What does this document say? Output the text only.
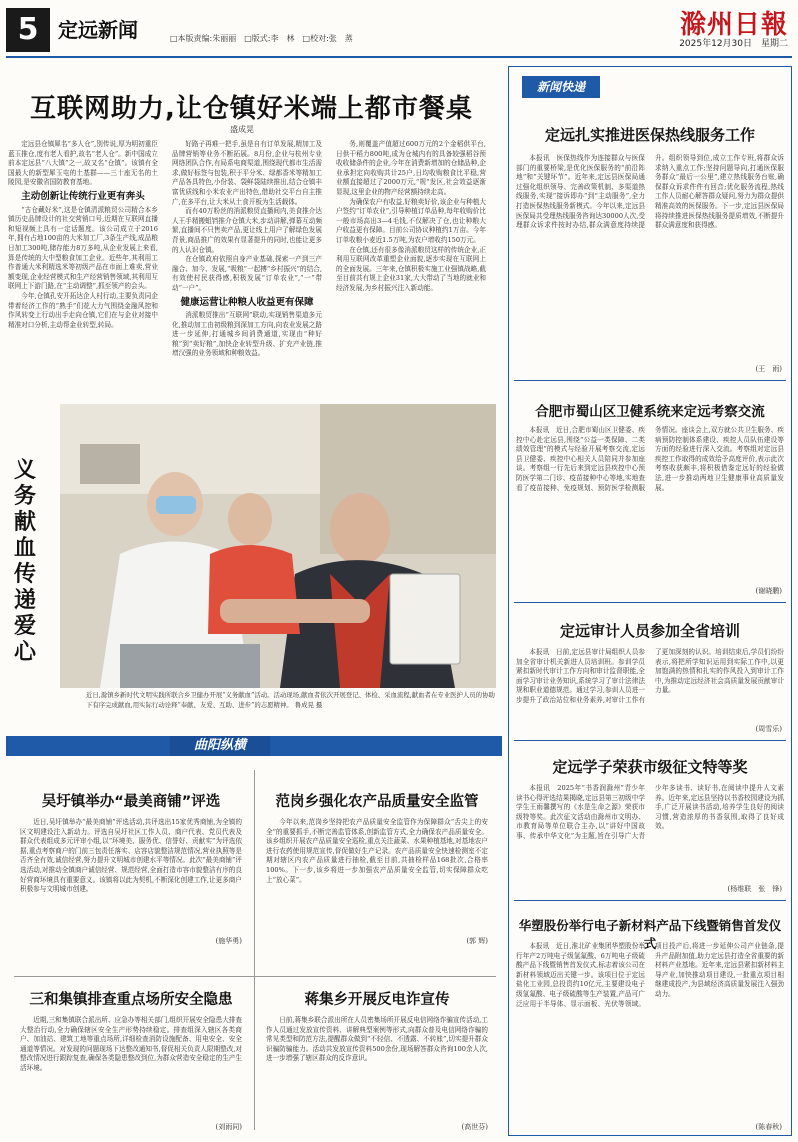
5 定远新闻	□本版责编:朱丽丽　□版式:李　林　□校对:张　蒸	滁州日報
2025年12月30日　星期二
互联网助力,让仓镇好米端上都市餐桌
盛成晃

定远县仓镇犀名“多人仓”,别传说,厚为明初重臣蓝玉推仓,度有老人看护,故名“老人仓”。新中国成立前本定远县“八大镇”之一,故又名“仓镇”。该镇有全国最大的新型犀玉屯的土基群——三十座无名的土陵园,是安徽省国防教育基地。

主动创新让传统行业更有奔头

“古仓藏好米”,这是仓镇清派粮贸公司精合本乡镇历史品牌设计的社交营销口号,近期在互联网直播和短视频上具有一定话题度。该公司成立于2016年,拥有占地100亩的大米加工厂,3条生产线,成品粮日加工300吨,储存能力8万多吨,从企业发展上来看,算是传统的大中型粮食加工企业。近些年,其利用工作普通大米利精选米等初级产品在市面上难卖,营业额变现,企业经营模式和生产经营销售领域,其利用互联网上下游门路,在“主动调整”,抓至领产的会头。

今年,仓镇孔安开拓达企人村行动,主要负责同企带着经济工作的“熟手”们花大力气围绕金融风控和作风转变上行动出手走向仓镇,它们在与企业对接中精准对口分析,主动帮金业转型,转局。

好路子再难一把手,虽是自有订单发展,精加工及品牌营销等业务不断拓展。8月份,企业与杭州专业网络团队合作,有局系电商渠道,围绕现代都市生活需求,做好标签与包装,积于平分米、绿都香米等精加工产品各具特色,小份装、袋鲜袋陆续推出,结合仓镇丰富优质线和小米农业产出特色,借助社交平台自主推广,在多平台,让大米从土食开板为生活载体。

而有40万粉丝的消派粮贸直播间内,美食推介达人王手精搬蛆铛推介仓镇大米,步动讲解,弹幕互动频繁,直播间不只售卖产品,更让线上用户了解绿色发展背景,商品推广的效果有显著提升的同时,也能让更多的人认识仓镇。

在仓镇政府依照自身产业基础,探索一产到三产融合、加今、发展,“吸粮”一起搏“乡村振兴”的结合,有效使村民获得感,积极发展“订单农业”,“一”带动“一户”。

健康运营让种粮人收益更有保障

消派粮贸推出“互联网”联动,实现销售渠道多元化,推动加工由初级粮到深加工方向,向农业发展之路进一步延伸,打通城乡间消费通道,实现由“种好粮”到“卖好粮”,加快企业转型升级、扩充产业链,推增汉强的业务领域和种粮效益。

务,则覆盖产值超过600万元的2个金稻供平台,日供干稻力800吨,成为仓城内有的具备较强稻谷预收收储条件的企业,今年在消费新增加的仓储品种,企业承担定向收购共计25户,日均收购粮食比平稳,营业额直接超过了2000万元,“规”发区,社会效益逐渐显现,这里企业的物产经营额持续走高。

为确保农户有收益,好粮卖好价,该企业与种植大户签约“订单农业”,引导种植订单品种,每年收购价比一般市场高出3—4毛钱,不仅解决了仓,也让种粮大户收益更有保障。目前公司协议种植约1万亩。今年订单收粮小麦近1.5万吨,为农户增收约150万元。

在仓镇,还有很多像消派粮贸这样的传统企业,正利用互联网改革重塑企业面貌,逐步实现在互联网上的全面发展。三年来,仓镇积极实施工业强镇战略,截至目前共有规上企业31家,大大带动了当地的就业和经济发展,为乡村振兴注入新动能。

义务献血　传递爱心
近日,滁镇乡新时代文明实践所联合乡卫健办开展“义务献血”活动。活动现场,献血者依次开展登记、体检、采血流程,献血者在专业医护人员的协助下有序完成献血,用实际行动诠释“奉献、友爱、互助、进步”的志愿精神。 鲁成晃 摄
曲阳纵横
吴圩镇举办“最美商铺”评选

近日,吴圩镇举办“最美商铺”评选活动,共评选出15家优秀商铺,为全镇的区文明建设注入新动力。评选自吴圩社区工作人员、商户代表、党员代表及群众代表组成多元评审小组,以“环境美、服务优、信誉好、贡献实”为评选依据,重点考察商户的门前三包责任落实、店容店貌整洁规范情况,营业执照等是否齐全有效,诚信经营,努力提升文明城市创建水平等情况。此次“最美商铺”评选活动,对推动全镇商户诚信经营、规范经营,全面打造市容市貌整洁有序的良好营商环境具有重要意义。该镇将以此为契机,不断深化创建工作,让更多商户积极参与文明城市创建。

(施华勇)
范岗乡强化农产品质量安全监管

今年以来,范岗乡坚持把农产品质量安全监管作为保障群众“舌尖上的安全”的重要抓手,不断完善监管体系,创新监管方式,全力确保农产品质量安全。该乡组织开展农产品质量安全巡检,重点关注蔬菜、水果种植基地,对基地农户进行农药使用规范宣传,督促做好生产记录。农产品质量安全快速检测室不定期对辖区内农产品质量进行抽检,截至目前,共抽检样品168批次,合格率100%。下一步,该乡将进一步加强农产品质量安全监管,切实保障群众吃上“放心菜”。

(郭 辉)
三和集镇排查重点场所安全隐患

近期,三和集镇联合派出所、应急办等相关部门,组织开展安全隐患大排查大整治行动,全力确保辖区安全生产形势持续稳定。排查组深入辖区各类商户、加油站、建筑工地等重点场所,详细检查消防设施配备、用电安全、安全通道等情况。对发现的问题现场下达整改通知书,督促相关负责人限期整改,对整改情况进行跟踪复查,确保各类隐患整改到位,为群众营造安全稳定的生产生活环境。

(刘雨同)
蒋集乡开展反电诈宣传

日前,蒋集乡联合派出所在人员密集场所开展反电信网络诈骗宣传活动,工作人员通过发放宣传资料、讲解典型案例等形式,向群众普及电信网络诈骗的常见类型和防范方法,提醒群众做到“不轻信、不透露、不转账”,切实提升群众识骗防骗能力。活动共发放宣传资料500余份,现场解答群众咨询100余人次,进一步增强了辖区群众的反诈意识。

(高世芬)
新闻快递
定远扎实推进医保热线服务工作

本报讯　医保热线作为连接群众与医保部门的重要桥梁,是优化医保服务的“前沿阵地”和“关键环节”。近年来,定远县医保局通过强化组织领导、完善政策机制、多渠道热线服务,实现“接诉即办”到“主动服务”,全力打造医保热线服务新模式。今年以来,定远县医保局共受理热线服务咨询达30000人次,受理群众诉求件按时办结,群众满意度持续提升。组织领导到位,成立工作专班,将群众诉求纳入重点工作;坚持问题导向,打通医保服务群众“最后一公里”,建立热线服务台账,确保群众诉求件件有回音;优化服务流程,热线工作人员耐心解答群众疑问,努力为群众提供精准高效的医保服务。下一步,定远县医保局将持续推进医保热线服务提质增效,不断提升群众满意度和获得感。

(王　雨)
合肥市蜀山区卫健系统来定远考察交流

本报讯　近日,合肥市蜀山区卫健委、疾控中心赴定远县,围绕“公益一类保障、二类绩效管理”的模式与经验开展考察交流,定远县卫健委、疾控中心相关人员陪同并参加座谈。考察组一行先后来到定远县疾控中心预防医学第二门诊、疫苗接种中心等地,实地查看了疫苗接种、免疫规划、预防医学检测服务情况。座谈会上,双方就公共卫生服务、疾病预防控制体系建设、疾控人员队伍建设等方面的经验进行深入交流。考察组对定远县疾控工作取得的成效给予高度评价,表示此次考察收获颇丰,将积极借鉴定远好的经验做法,进一步推动两地卫生健康事业高质量发展。

(谢晓鹏)
定远审计人员参加全省培训

本报讯　日前,定远县审计局组织人员参加全省审计机关新进人员培训班。参训学员紧扣新时代审计工作方向和审计监督职能,全面学习审计业务知识,系统学习了审计法律法规和职业道德规范。通过学习,参训人员进一步提升了政治站位和业务素养,对审计工作有了更加深刻的认识。培训结束后,学员们纷纷表示,将把所学知识运用到实际工作中,以更加饱满的热情和扎实的作风投入到审计工作中,为推动定远经济社会高质量发展贡献审计力量。

(周雪乐)
定远学子荣获市级征文特等奖

本报讯　2025年“书香润滁州”青少年读书心得评选结果揭晓,定远县第三初级中学学生王雨馨撰写的《水是生命之源》荣获市级特等奖。此次征文活动由滁州市文明办、市教育局等单位联合主办,以“讲好中国故事、传承中华文化”为主题,旨在引导广大青少年多读书、读好书,在阅读中提升人文素养。近年来,定远县坚持以书香校园建设为抓手,广泛开展读书活动,培养学生良好的阅读习惯,营造浓厚的书香氛围,取得了良好成效。

(杨维联　张　锋)
华塑股份举行电子新材料产品下线暨销售首发仪式

本报讯　近日,淮北矿业集团华塑股份举行年产2万吨电子级氢氟酸、6万吨电子级硫酸产品下线暨销售首发仪式,标志着该公司在新材料领域迈出关键一步。该项目位于定远盐化工业园,总投资约10亿元,主要建设电子级氢氟酸、电子级硫酸等生产装置,产品可广泛应用于半导体、显示面板、光伏等领域。项目投产后,将进一步延伸公司产业链条,提升产品附加值,助力定远县打造全省重要的新材料产业基地。近年来,定远县紧扣新材料主导产业,加快推动项目建设,一批重点项目相继建成投产,为县域经济高质量发展注入强劲动力。

(陈春秋)
